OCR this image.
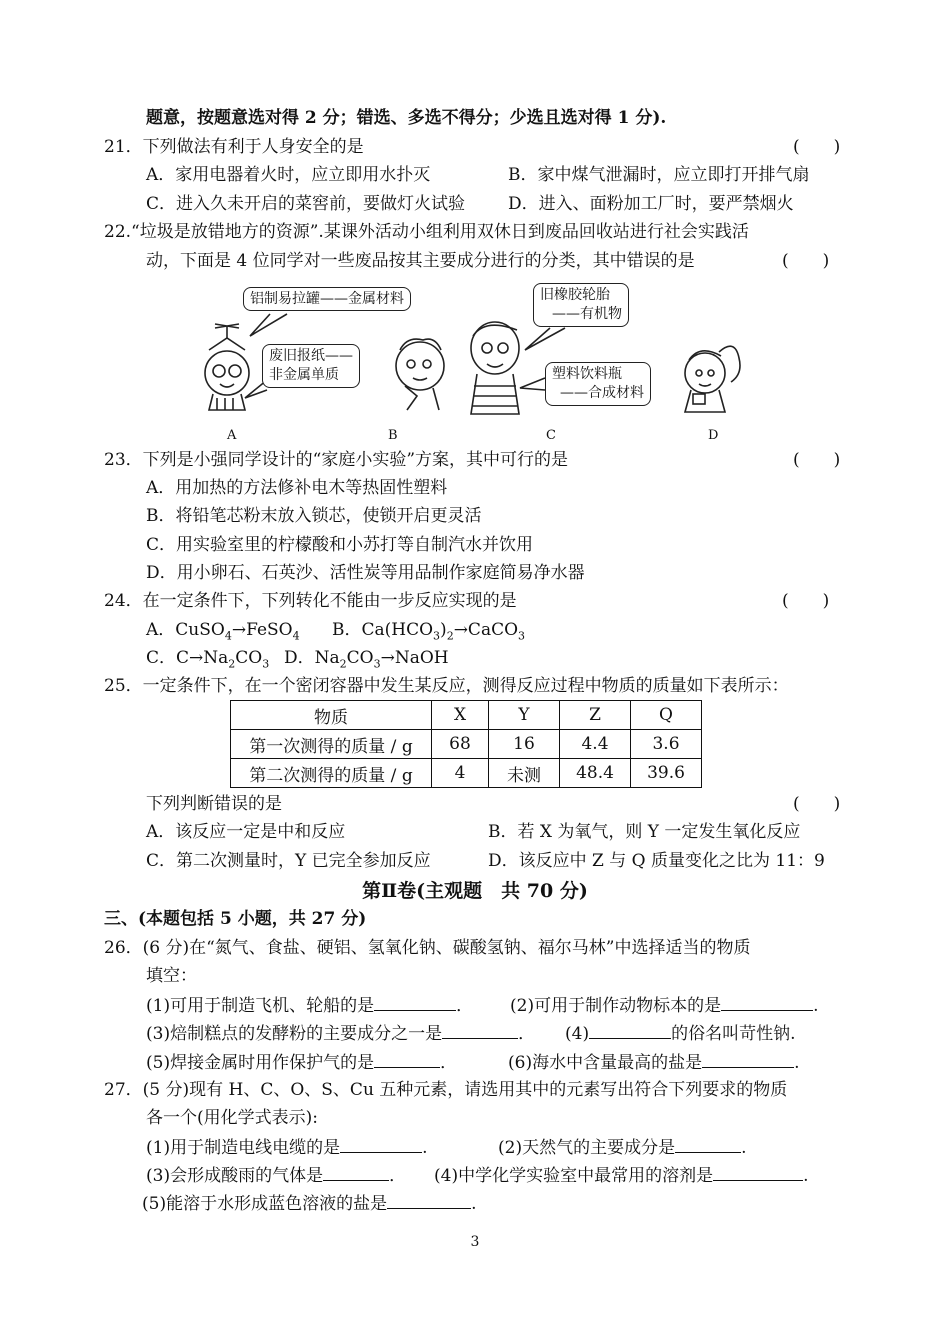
题意，按题意选对得 2 分；错选、多选不得分；少选且选对得 1 分).
21．下列做法有利于人身安全的是	(　　)
A．家用电器着火时，应立即用水扑灭	B．家中煤气泄漏时，应立即打开排气扇
C．进入久未开启的菜窖前，要做灯火试验	D．进入、面粉加工厂时，要严禁烟火
22.“垃圾是放错地方的资源”.某课外活动小组利用双休日到废品回收站进行社会实践活
动，下面是 4 位同学对一些废品按其主要成分进行的分类，其中错误的是	(　　)
铝制易拉罐——金属材料
废旧报纸——
非金属单质
旧橡胶轮胎
——有机物
塑料饮料瓶
——合成材料
A	B	C	D
23．下列是小强同学设计的“家庭小实验”方案，其中可行的是	(　　)
A．用加热的方法修补电木等热固性塑料
B．将铅笔芯粉末放入锁芯，使锁开启更灵活
C．用实验室里的柠檬酸和小苏打等自制汽水并饮用
D．用小卵石、石英沙、活性炭等用品制作家庭简易净水器
24．在一定条件下，下列转化不能由一步反应实现的是	(　　)
A．CuSO$_4$→FeSO$_4$ B．$Ca(HCO_3)_2\to CaCO_3$
C．$C\to Na_2CO_3$ D．$Na_2CO_3\to NaOH$
25．一定条件下，在一个密闭容器中发生某反应，测得反应过程中物质的质量如下表所示：
物质	X	Y	Z	Q
第一次测得的质量 / g	68	16	4.4	3.6
第二次测得的质量 / g	4	未测	48.4	39.6
下列判断错误的是	(　　)
A．该反应一定是中和反应	B．若 X 为氧气，则 Y 一定发生氧化反应
C．第二次测量时，Y 已完全参加反应	D．该反应中 Z 与 Q 质量变化之比为 11：9
第Ⅱ卷(主观题　共 70 分)
三、(本题包括 5 小题，共 27 分)
26．(6 分)在“氮气、食盐、硬铝、氢氧化钠、碳酸氢钠、福尔马林”中选择适当的物质
填空：
(1)可用于制造飞机、轮船的是	． (2)可用于制作动物标本的是	.
(3)焙制糕点的发酵粉的主要成分之一是	． (4)	的俗名叫苛性钠.
(5)焊接金属时用作保护气的是	．	(6)海水中含量最高的盐是	.
27．(5 分)现有 H、C、O、S、Cu 五种元素，请选用其中的元素写出符合下列要求的物质
各一个(用化学式表示):
(1)用于制造电线电缆的是	.	(2)天然气的主要成分是	.
(3)会形成酸雨的气体是	． (4)中学化学实验室中最常用的溶剂是	.
(5)能溶于水形成蓝色溶液的盐是	.
3
